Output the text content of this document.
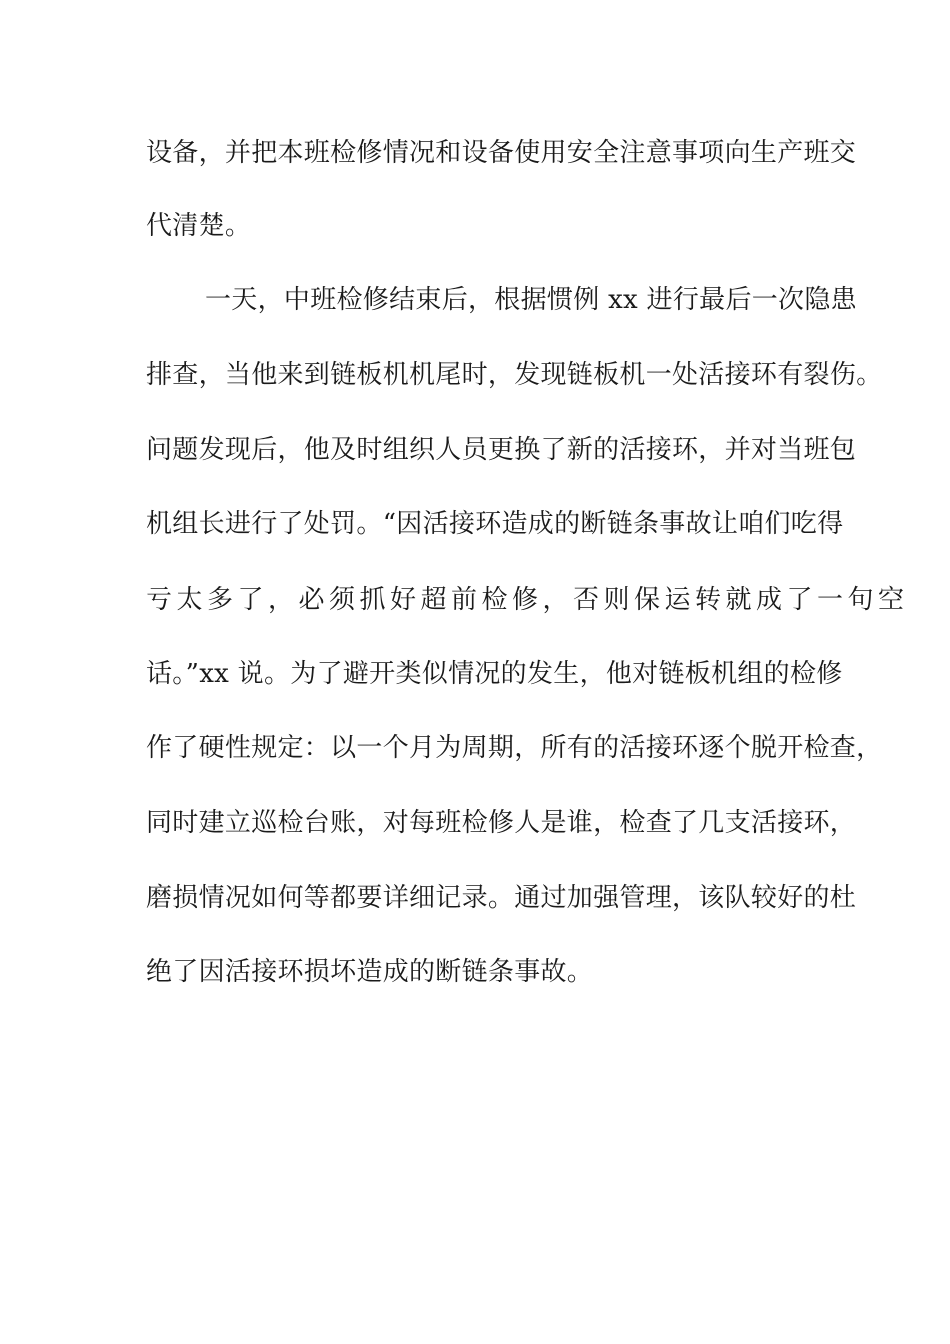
设备，并把本班检修情况和设备使用安全注意事项向生产班交
代清楚。
一天，中班检修结束后，根据惯例 xx 进行最后一次隐患
排查，当他来到链板机机尾时，发现链板机一处活接环有裂伤。
问题发现后，他及时组织人员更换了新的活接环，并对当班包
机组长进行了处罚。“因活接环造成的断链条事故让咱们吃得
亏太多了，必须抓好超前检修，否则保运转就成了一句空
话。”xx 说。为了避开类似情况的发生，他对链板机组的检修
作了硬性规定：以一个月为周期，所有的活接环逐个脱开检查，
同时建立巡检台账，对每班检修人是谁，检查了几支活接环，
磨损情况如何等都要详细记录。通过加强管理，该队较好的杜
绝了因活接环损坏造成的断链条事故。
